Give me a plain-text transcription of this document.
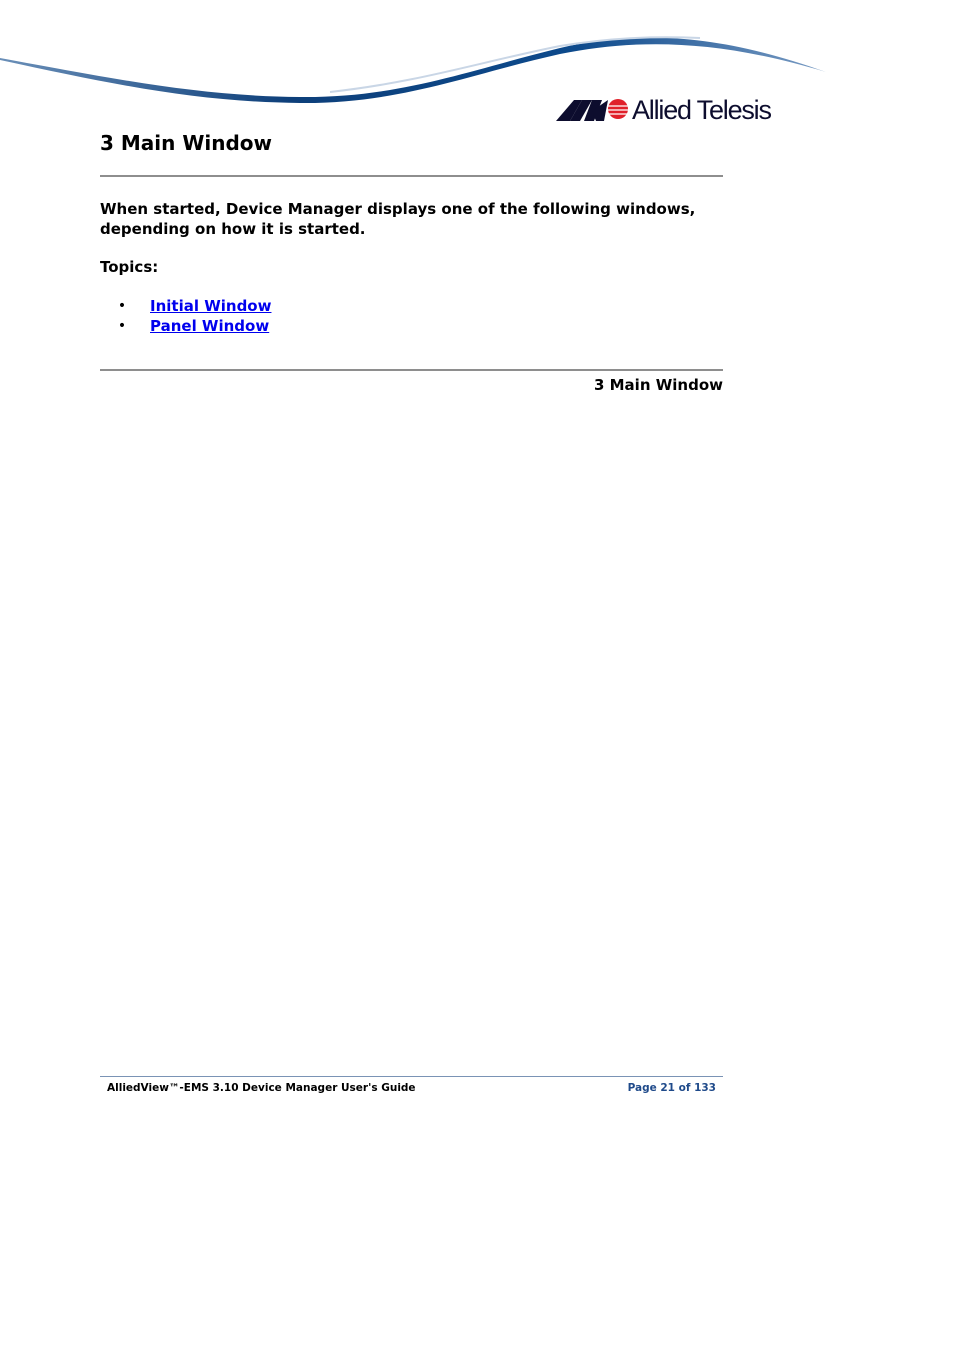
Allied Telesis
3 Main Window

When started, Device Manager displays one of the following windows, depending on how it is started.

Topics:

•	Initial Window
•	Panel Window

3 Main Window

AlliedView™-EMS 3.10 Device Manager User's Guide	Page 21 of 133
